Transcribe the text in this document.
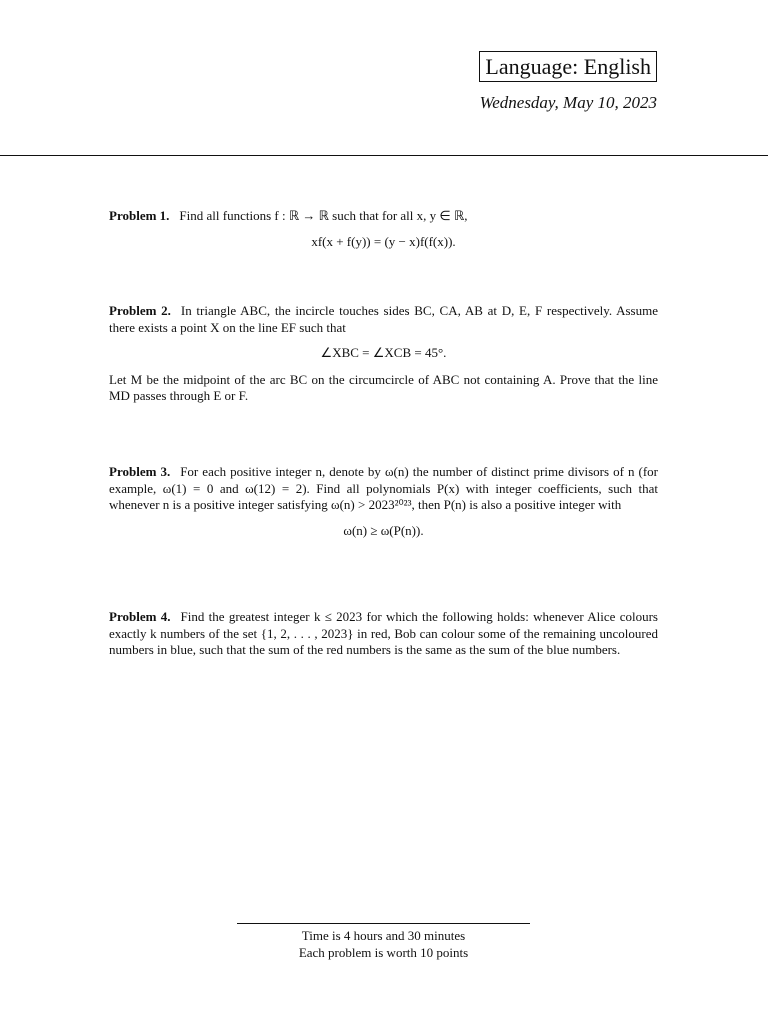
Language: English
Wednesday, May 10, 2023
Problem 1. Find all functions f : ℝ → ℝ such that for all x, y ∈ ℝ,
xf(x + f(y)) = (y − x)f(f(x)).
Problem 2. In triangle ABC, the incircle touches sides BC, CA, AB at D, E, F respectively. Assume there exists a point X on the line EF such that
∠XBC = ∠XCB = 45°.
Let M be the midpoint of the arc BC on the circumcircle of ABC not containing A. Prove that the line MD passes through E or F.
Problem 3. For each positive integer n, denote by ω(n) the number of distinct prime divisors of n (for example, ω(1) = 0 and ω(12) = 2). Find all polynomials P(x) with integer coefficients, such that whenever n is a positive integer satisfying ω(n) > 2023²⁰²³, then P(n) is also a positive integer with
ω(n) ≥ ω(P(n)).
Problem 4. Find the greatest integer k ≤ 2023 for which the following holds: whenever Alice colours exactly k numbers of the set {1, 2, . . . , 2023} in red, Bob can colour some of the remaining uncoloured numbers in blue, such that the sum of the red numbers is the same as the sum of the blue numbers.
Time is 4 hours and 30 minutes
Each problem is worth 10 points
